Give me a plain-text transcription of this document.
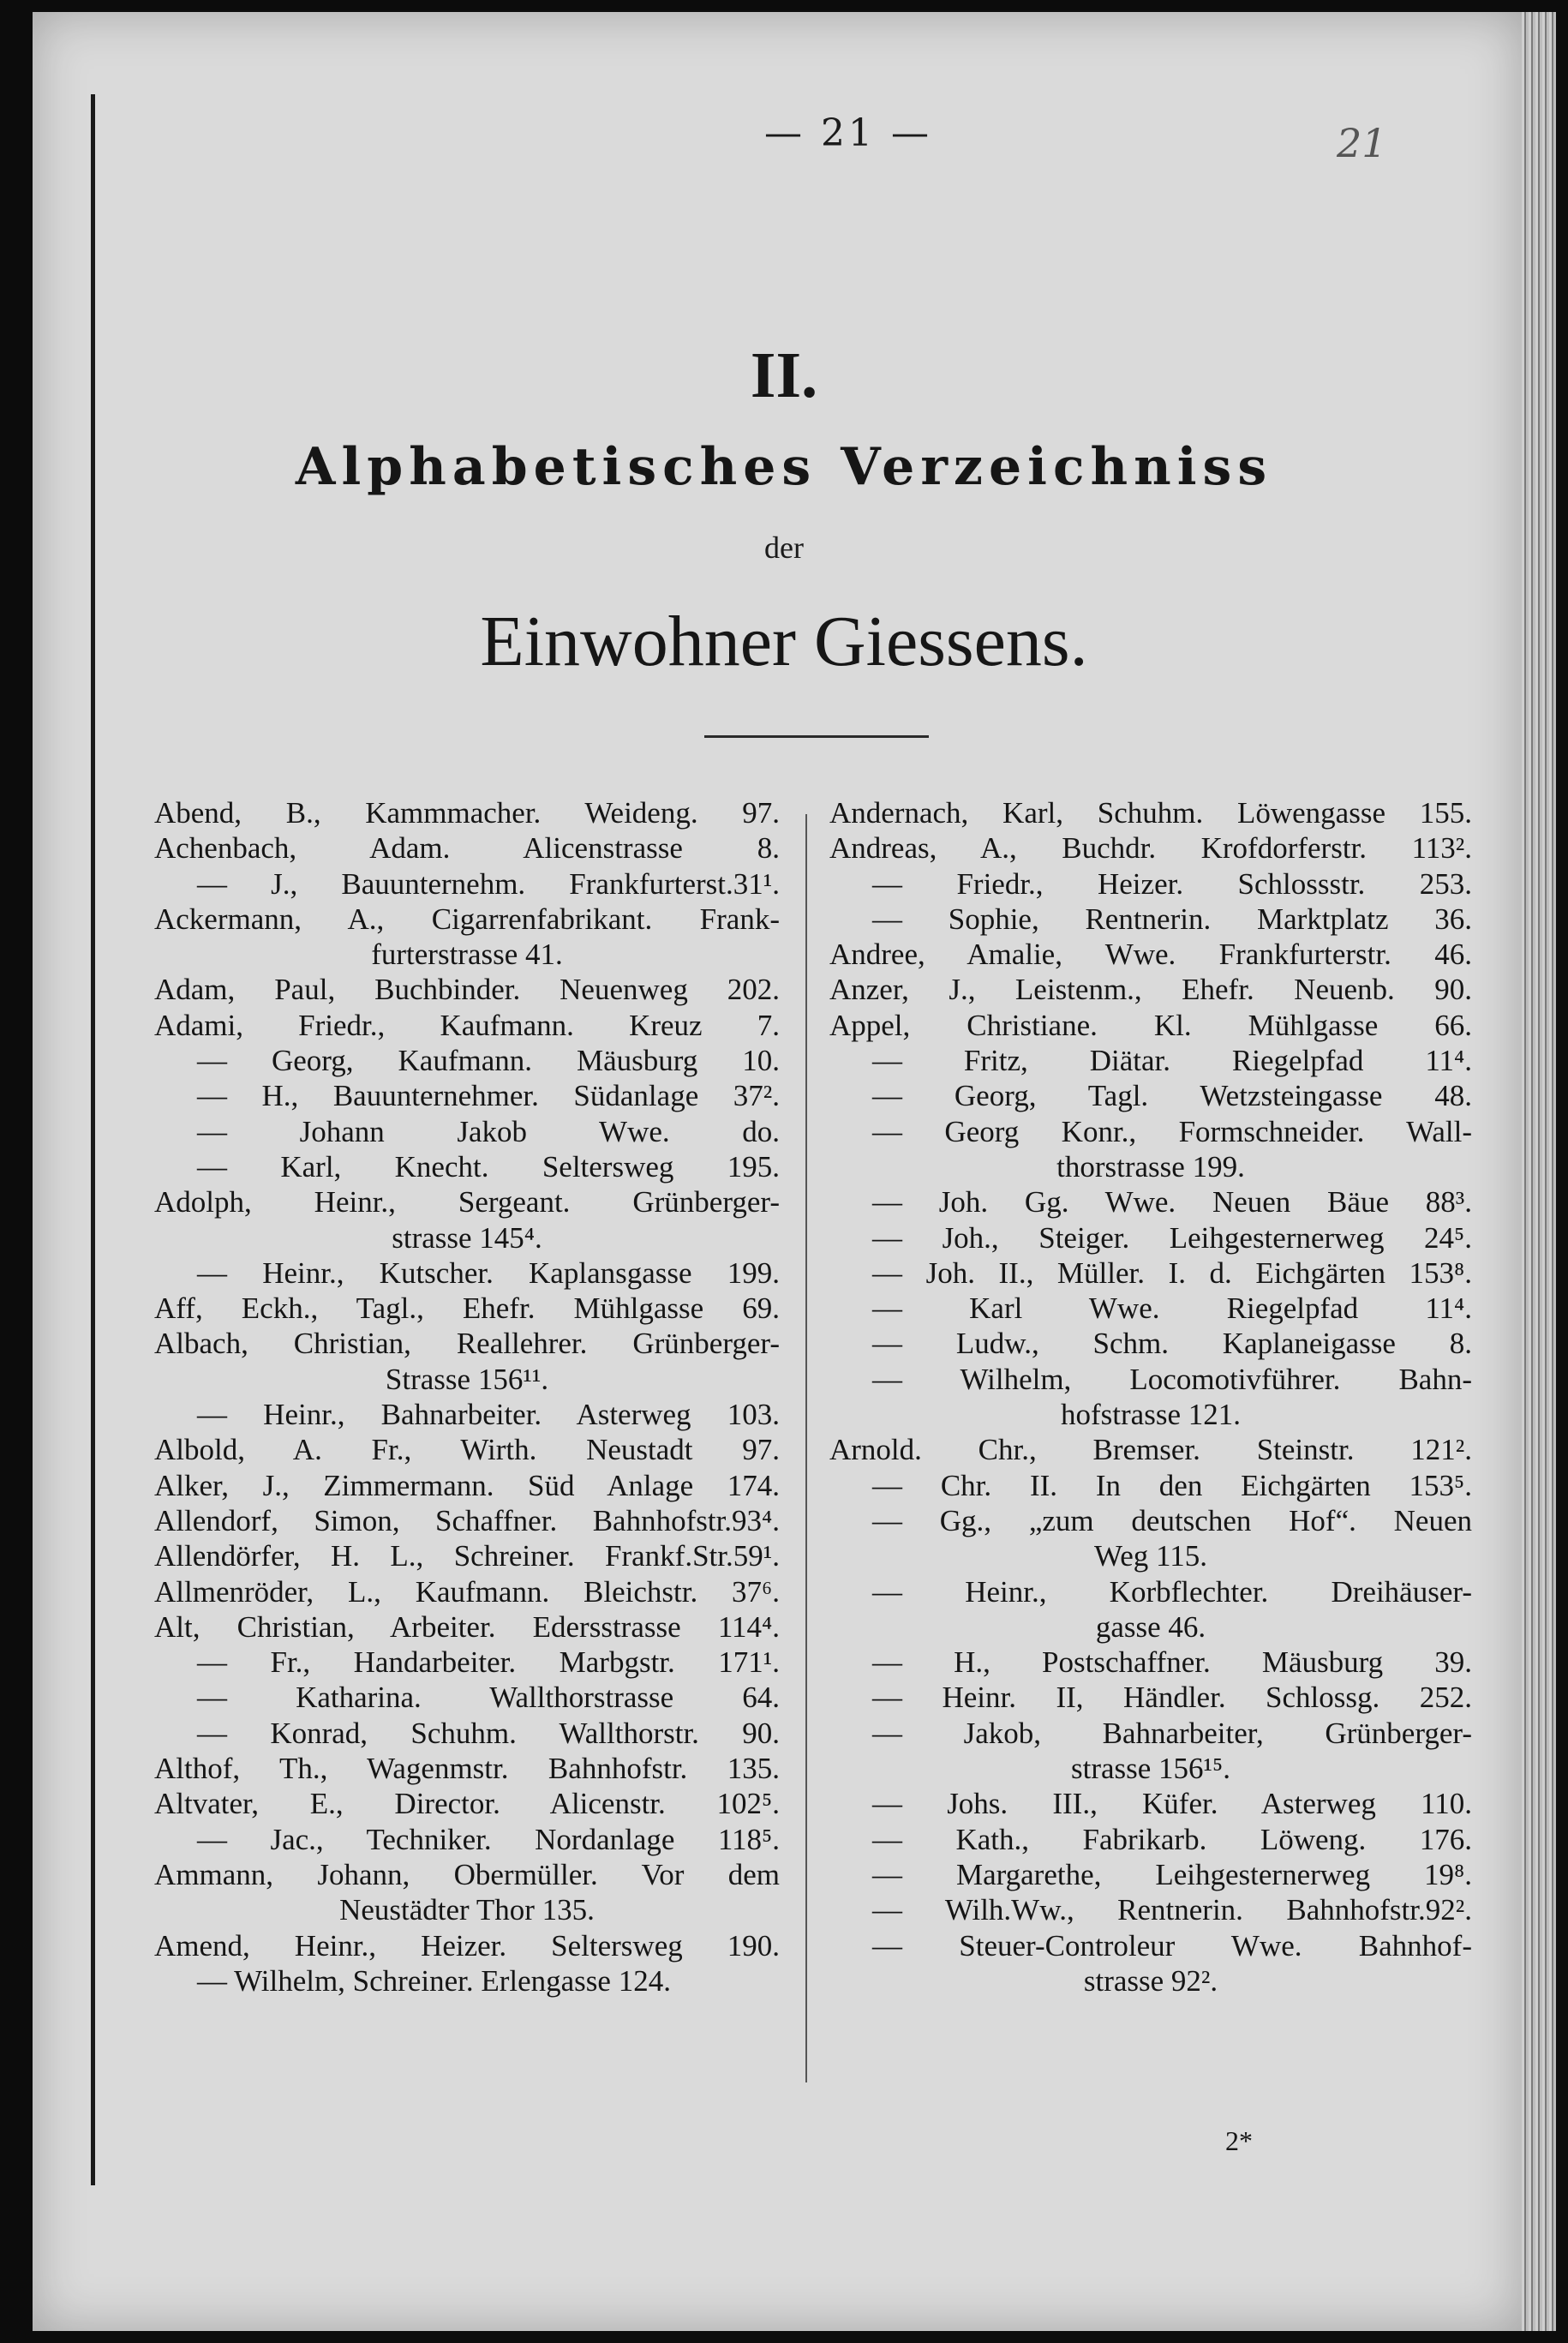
— 21 —	21
II.
Alphabetisches Verzeichniss
der
Einwohner Giessens.
Abend, B., Kammmacher. Weideng. 97.
Achenbach, Adam. Alicenstrasse 8.
— J., Bauunternehm. Frankfurterst.31¹.
Ackermann, A., Cigarrenfabrikant. Frank-
furterstrasse 41.
Adam, Paul, Buchbinder. Neuenweg 202.
Adami, Friedr., Kaufmann. Kreuz 7.
— Georg, Kaufmann. Mäusburg 10.
— H., Bauunternehmer. Südanlage 37².
— Johann Jakob Wwe. do.
— Karl, Knecht. Seltersweg 195.
Adolph, Heinr., Sergeant. Grünberger-
strasse 145⁴.
— Heinr., Kutscher. Kaplansgasse 199.
Aff, Eckh., Tagl., Ehefr. Mühlgasse 69.
Albach, Christian, Reallehrer. Grünberger-
Strasse 156¹¹.
— Heinr., Bahnarbeiter. Asterweg 103.
Albold, A. Fr., Wirth. Neustadt 97.
Alker, J., Zimmermann. Süd Anlage 174.
Allendorf, Simon, Schaffner. Bahnhofstr.93⁴.
Allendörfer, H. L., Schreiner. Frankf.Str.59¹.
Allmenröder, L., Kaufmann. Bleichstr. 37⁶.
Alt, Christian, Arbeiter. Edersstrasse 114⁴.
— Fr., Handarbeiter. Marbgstr. 171¹.
— Katharina. Wallthorstrasse 64.
— Konrad, Schuhm. Wallthorstr. 90.
Althof, Th., Wagenmstr. Bahnhofstr. 135.
Altvater, E., Director. Alicenstr. 102⁵.
— Jac., Techniker. Nordanlage 118⁵.
Ammann, Johann, Obermüller. Vor dem
Neustädter Thor 135.
Amend, Heinr., Heizer. Seltersweg 190.
— Wilhelm, Schreiner. Erlengasse 124.
Andernach, Karl, Schuhm. Löwengasse 155.
Andreas, A., Buchdr. Krofdorferstr. 113².
— Friedr., Heizer. Schlossstr. 253.
— Sophie, Rentnerin. Marktplatz 36.
Andree, Amalie, Wwe. Frankfurterstr. 46.
Anzer, J., Leistenm., Ehefr. Neuenb. 90.
Appel, Christiane. Kl. Mühlgasse 66.
— Fritz, Diätar. Riegelpfad 11⁴.
— Georg, Tagl. Wetzsteingasse 48.
— Georg Konr., Formschneider. Wall-
thorstrasse 199.
— Joh. Gg. Wwe. Neuen Bäue 88³.
— Joh., Steiger. Leihgesternerweg 24⁵.
— Joh. II., Müller. I. d. Eichgärten 153⁸.
— Karl Wwe. Riegelpfad 11⁴.
— Ludw., Schm. Kaplaneigasse 8.
— Wilhelm, Locomotivführer. Bahn-
hofstrasse 121.
Arnold. Chr., Bremser. Steinstr. 121².
— Chr. II. In den Eichgärten 153⁵.
— Gg., „zum deutschen Hof“. Neuen
Weg 115.
— Heinr., Korbflechter. Dreihäuser-
gasse 46.
— H., Postschaffner. Mäusburg 39.
— Heinr. II, Händler. Schlossg. 252.
— Jakob, Bahnarbeiter, Grünberger-
strasse 156¹⁵.
— Johs. III., Küfer. Asterweg 110.
— Kath., Fabrikarb. Löweng. 176.
— Margarethe, Leihgesternerweg 19⁸.
— Wilh.Ww., Rentnerin. Bahnhofstr.92².
— Steuer-Controleur Wwe. Bahnhof-
strasse 92².
2*
